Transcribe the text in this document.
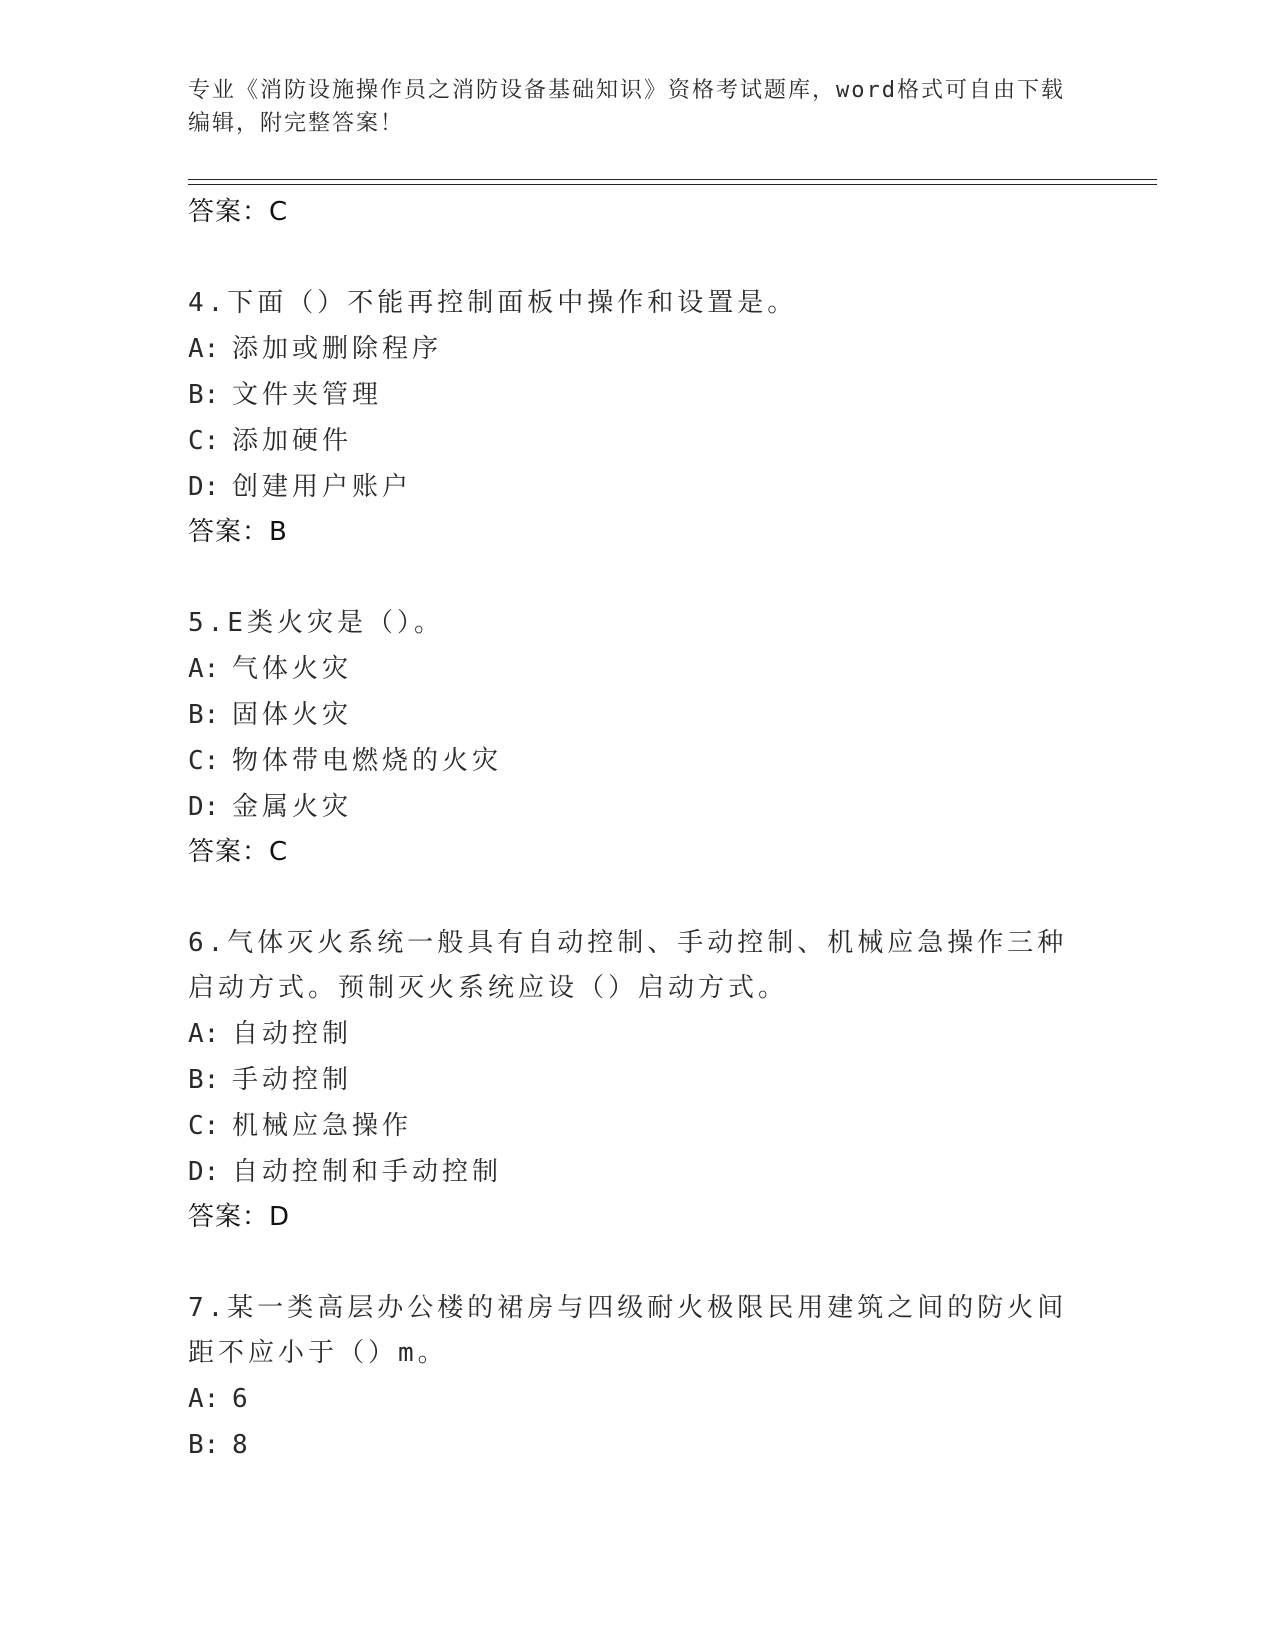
专业《消防设施操作员之消防设备基础知识》资格考试题库，word格式可自由下载编辑，附完整答案！
答案：C
4.下面（）不能再控制面板中操作和设置是。
A: 添加或删除程序
B: 文件夹管理
C: 添加硬件
D: 创建用户账户
答案：B
5.E类火灾是（）。
A: 气体火灾
B: 固体火灾
C: 物体带电燃烧的火灾
D: 金属火灾
答案：C
6.气体灭火系统一般具有自动控制、手动控制、机械应急操作三种启动方式。预制灭火系统应设（）启动方式。
A: 自动控制
B: 手动控制
C: 机械应急操作
D: 自动控制和手动控制
答案：D
7.某一类高层办公楼的裙房与四级耐火极限民用建筑之间的防火间距不应小于（）m。
A: 6
B: 8
